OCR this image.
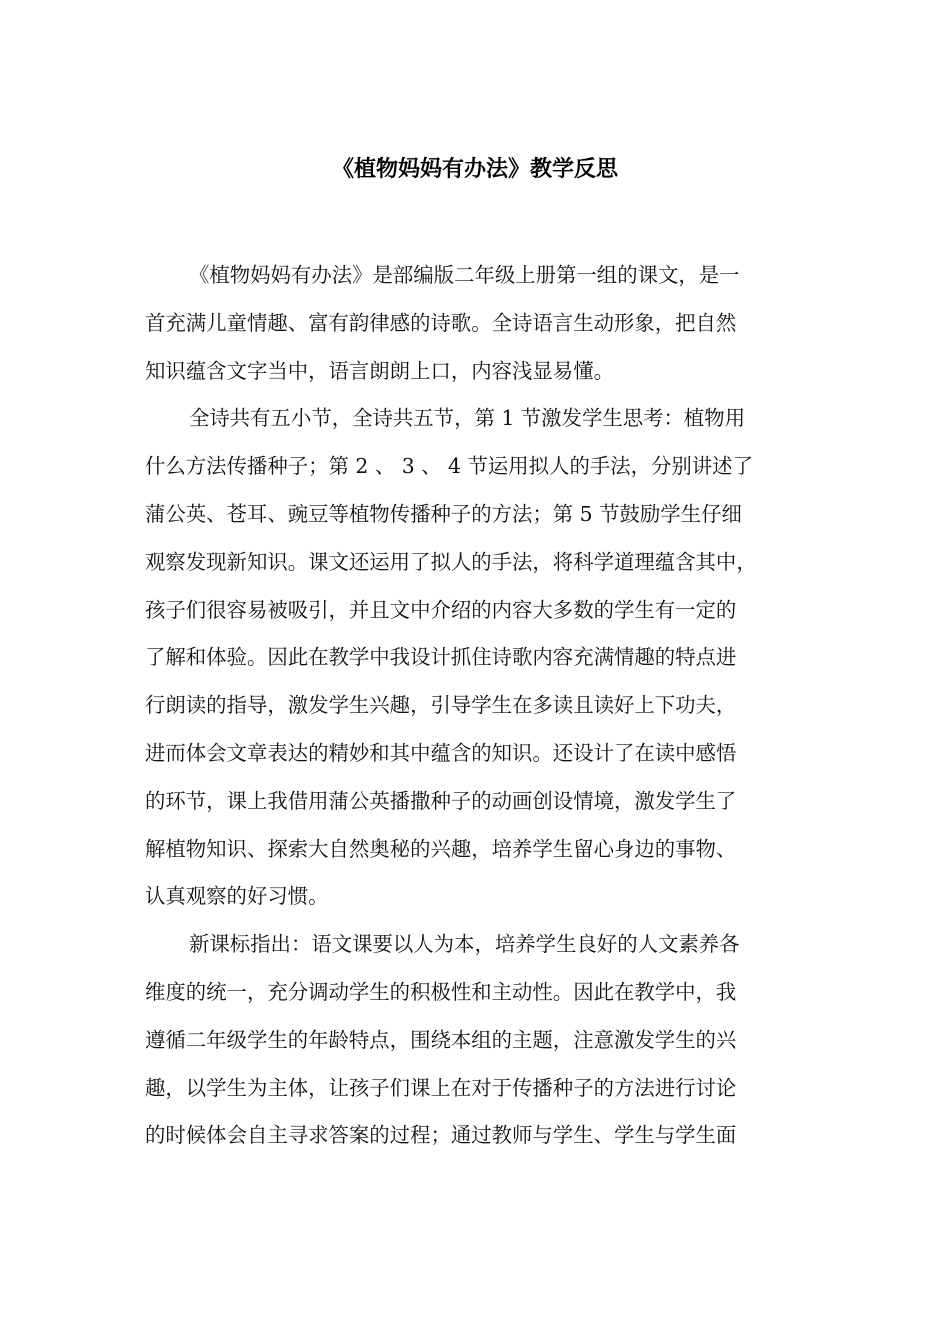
《植物妈妈有办法》教学反思
《植物妈妈有办法》是部编版二年级上册第一组的课文，是一
首充满儿童情趣、富有韵律感的诗歌。全诗语言生动形象，把自然
知识蕴含文字当中，语言朗朗上口，内容浅显易懂。
全诗共有五小节，全诗共五节，第 1 节激发学生思考：植物用
什么方法传播种子；第 2 、 3 、 4 节运用拟人的手法，分别讲述了
蒲公英、苍耳、豌豆等植物传播种子的方法；第 5 节鼓励学生仔细
观察发现新知识。课文还运用了拟人的手法，将科学道理蕴含其中，
孩子们很容易被吸引，并且文中介绍的内容大多数的学生有一定的
了解和体验。因此在教学中我设计抓住诗歌内容充满情趣的特点进
行朗读的指导，激发学生兴趣，引导学生在多读且读好上下功夫，
进而体会文章表达的精妙和其中蕴含的知识。还设计了在读中感悟
的环节，课上我借用蒲公英播撒种子的动画创设情境，激发学生了
解植物知识、探索大自然奥秘的兴趣，培养学生留心身边的事物、
认真观察的好习惯。
新课标指出：语文课要以人为本，培养学生良好的人文素养各
维度的统一，充分调动学生的积极性和主动性。因此在教学中，我
遵循二年级学生的年龄特点，围绕本组的主题，注意激发学生的兴
趣，以学生为主体，让孩子们课上在对于传播种子的方法进行讨论
的时候体会自主寻求答案的过程；通过教师与学生、学生与学生面
